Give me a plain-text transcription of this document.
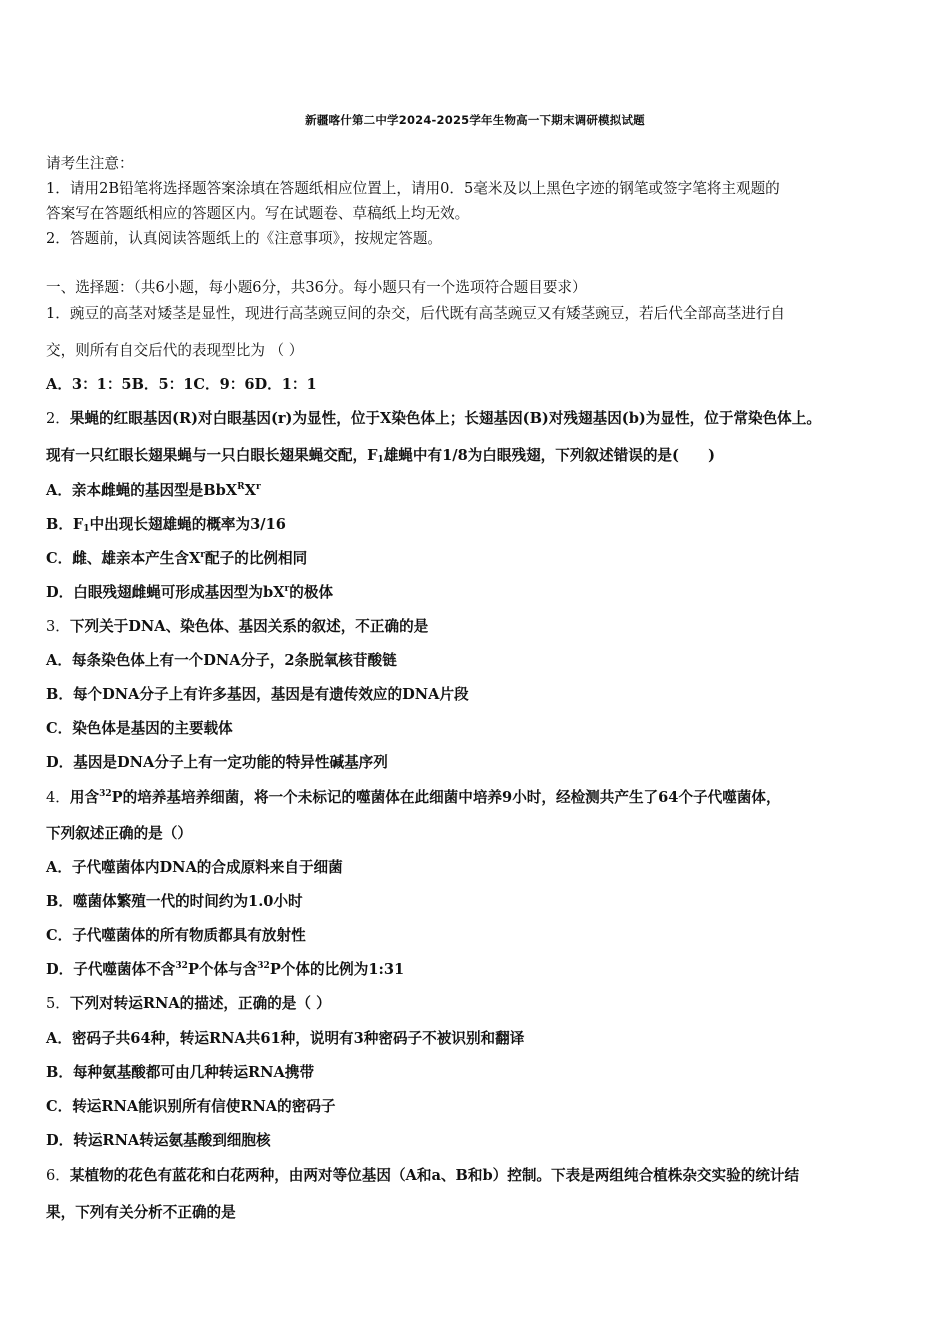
新疆喀什第二中学2024-2025学年生物高一下期末调研模拟试题
请考生注意：
1．请用2B铅笔将选择题答案涂填在答题纸相应位置上，请用0．5毫米及以上黑色字迹的钢笔或签字笔将主观题的
答案写在答题纸相应的答题区内。写在试题卷、草稿纸上均无效。
2．答题前，认真阅读答题纸上的《注意事项》，按规定答题。
一、选择题：（共6小题，每小题6分，共36分。每小题只有一个选项符合题目要求）
1．豌豆的高茎对矮茎是显性，现进行高茎豌豆间的杂交，后代既有高茎豌豆又有矮茎豌豆，若后代全部高茎进行自
交，则所有自交后代的表现型比为 （ ）
A．3：1：5B．5：1C．9：6D．1：1
2．果蝇的红眼基因(R)对白眼基因(r)为显性，位于X染色体上；长翅基因(B)对残翅基因(b)为显性，位于常染色体上。
现有一只红眼长翅果蝇与一只白眼长翅果蝇交配，$F_1$雄蝇中有1/8为白眼残翅，下列叙述错误的是(　　)
A．亲本雌蝇的基因型是$BbX^RX^r$
B．$F_1$中出现长翅雄蝇的概率为3/16
C．雌、雄亲本产生含$X^r$配子的比例相同
D．白眼残翅雌蝇可形成基因型为$bX^r$的极体
3．下列关于DNA、染色体、基因关系的叙述，不正确的是
A．每条染色体上有一个DNA分子，2条脱氧核苷酸链
B．每个DNA分子上有许多基因，基因是有遗传效应的DNA片段
C．染色体是基因的主要载体
D．基因是DNA分子上有一定功能的特异性碱基序列
4．用含$^{32}$P的培养基培养细菌，将一个未标记的噬菌体在此细菌中培养9小时，经检测共产生了64个子代噬菌体，
下列叙述正确的是（）
A．子代噬菌体内DNA的合成原料来自于细菌
B．噬菌体繁殖一代的时间约为1.0小时
C．子代噬菌体的所有物质都具有放射性
D．子代噬菌体不含$^{32}$P个体与含$^{32}$P个体的比例为1:31
5．下列对转运RNA的描述，正确的是（ ）
A．密码子共64种，转运RNA共61种，说明有3种密码子不被识别和翻译
B．每种氨基酸都可由几种转运RNA携带
C．转运RNA能识别所有信使RNA的密码子
D．转运RNA转运氨基酸到细胞核
6．某植物的花色有蓝花和白花两种，由两对等位基因（A和a、B和b）控制。下表是两组纯合植株杂交实验的统计结
果，下列有关分析不正确的是
